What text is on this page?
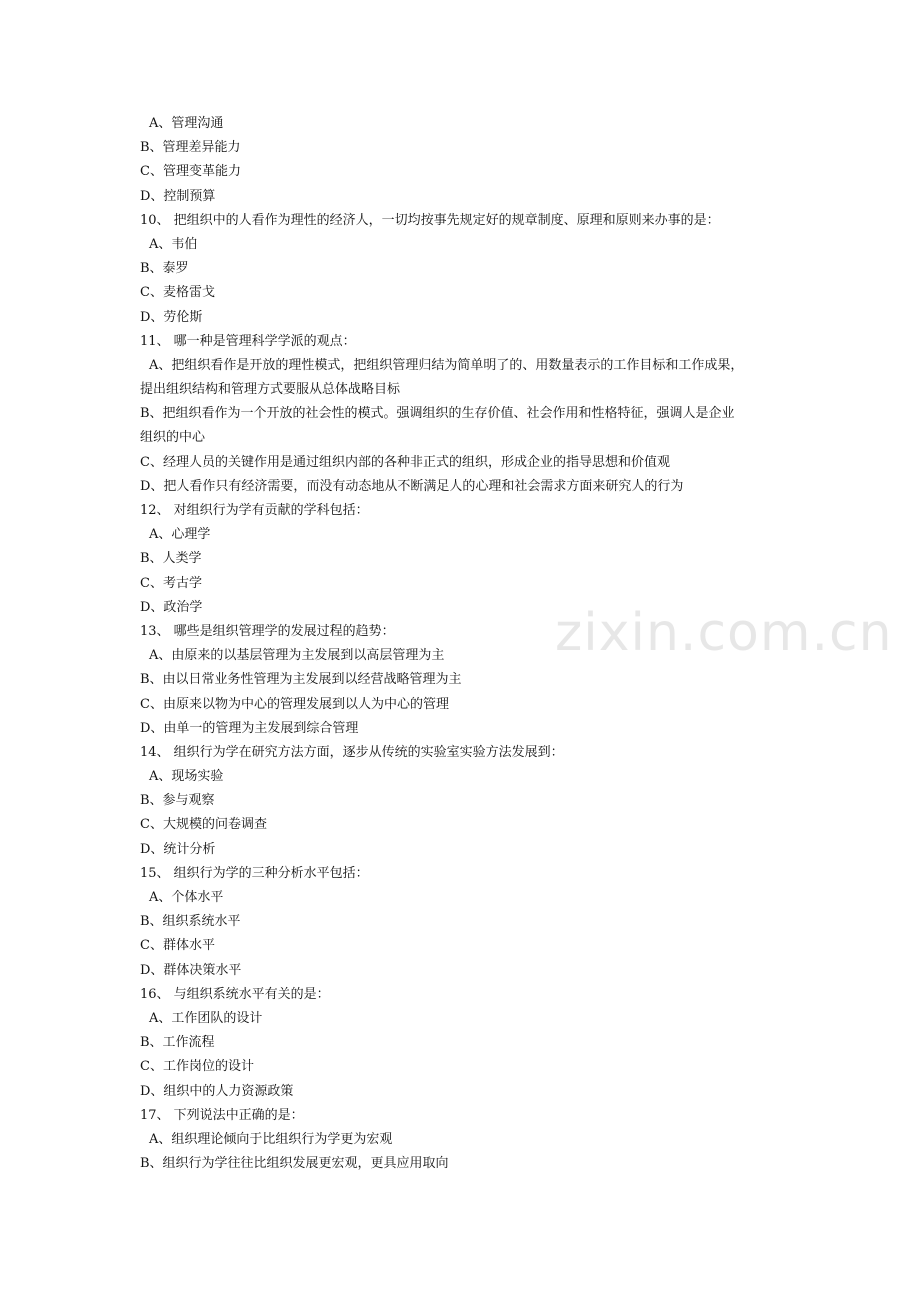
A、管理沟通
B、管理差异能力
C、管理变革能力
D、控制预算
10、 把组织中的人看作为理性的经济人，一切均按事先规定好的规章制度、原理和原则来办事的是：
A、韦伯
B、泰罗
C、麦格雷戈
D、劳伦斯
11、 哪一种是管理科学学派的观点：
A、把组织看作是开放的理性模式，把组织管理归结为简单明了的、用数量表示的工作目标和工作成果，
提出组织结构和管理方式要服从总体战略目标
B、把组织看作为一个开放的社会性的模式。强调组织的生存价值、社会作用和性格特征，强调人是企业
组织的中心
C、经理人员的关键作用是通过组织内部的各种非正式的组织，形成企业的指导思想和价值观
D、把人看作只有经济需要，而没有动态地从不断满足人的心理和社会需求方面来研究人的行为
12、 对组织行为学有贡献的学科包括：
A、心理学
B、人类学
C、考古学
D、政治学
13、 哪些是组织管理学的发展过程的趋势：
A、由原来的以基层管理为主发展到以高层管理为主
B、由以日常业务性管理为主发展到以经营战略管理为主
C、由原来以物为中心的管理发展到以人为中心的管理
D、由单一的管理为主发展到综合管理
14、 组织行为学在研究方法方面，逐步从传统的实验室实验方法发展到：
A、现场实验
B、参与观察
C、大规模的问卷调查
D、统计分析
15、 组织行为学的三种分析水平包括：
A、个体水平
B、组织系统水平
C、群体水平
D、群体决策水平
16、 与组织系统水平有关的是：
A、工作团队的设计
B、工作流程
C、工作岗位的设计
D、组织中的人力资源政策
17、 下列说法中正确的是：
A、组织理论倾向于比组织行为学更为宏观
B、组织行为学往往比组织发展更宏观，更具应用取向
zixin.com.cn
